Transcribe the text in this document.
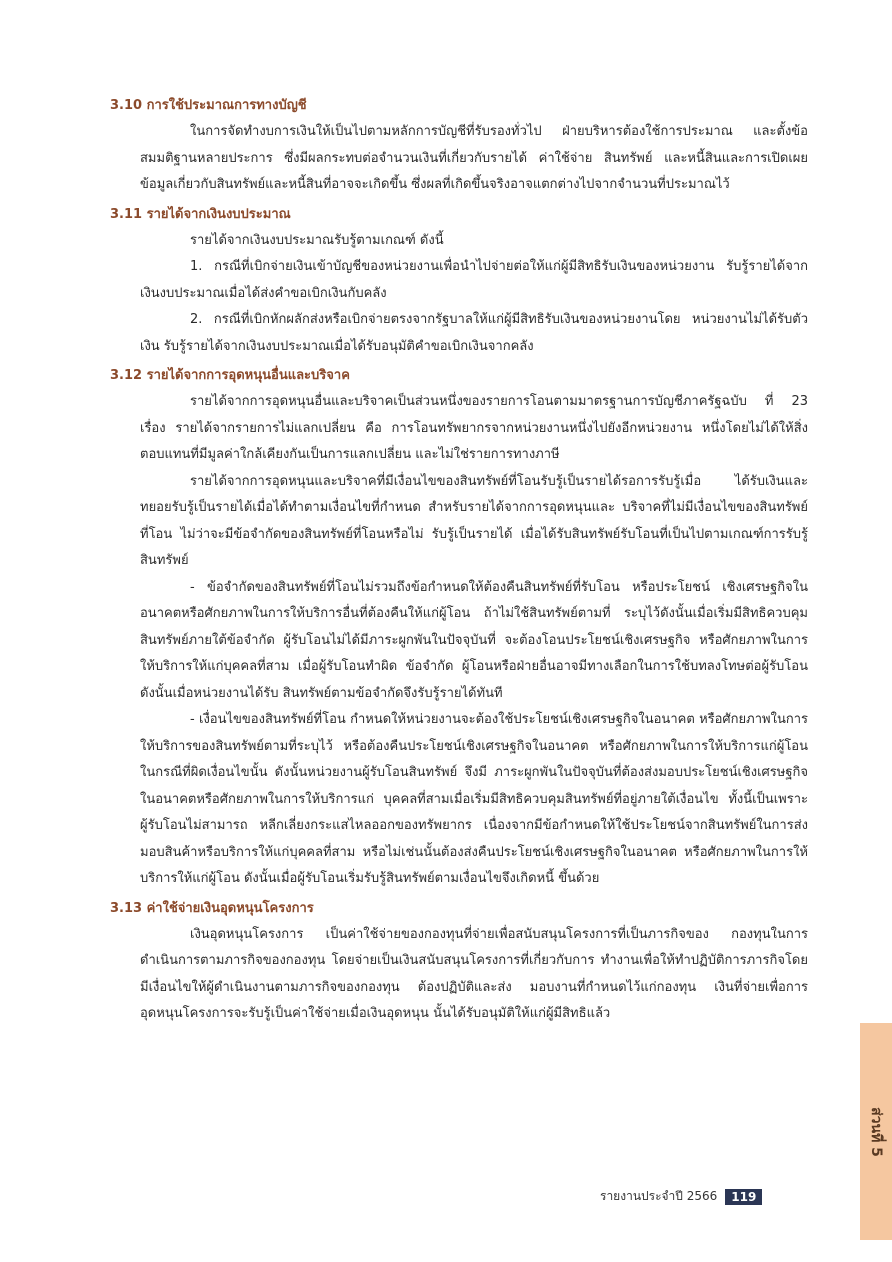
3.10 การใช้ประมาณการทางบัญชี

ในการจัดทำงบการเงินให้เป็นไปตามหลักการบัญชีที่รับรองทั่วไป ฝ่ายบริหารต้องใช้การประมาณ และตั้งข้อสมมติฐานหลายประการ ซึ่งมีผลกระทบต่อจำนวนเงินที่เกี่ยวกับรายได้ ค่าใช้จ่าย สินทรัพย์ และหนี้สินและการเปิดเผยข้อมูลเกี่ยวกับสินทรัพย์และหนี้สินที่อาจจะเกิดขึ้น ซึ่งผลที่เกิดขึ้นจริงอาจแตกต่างไปจากจำนวนที่ประมาณไว้

3.11 รายได้จากเงินงบประมาณ

รายได้จากเงินงบประมาณรับรู้ตามเกณฑ์ ดังนี้

1. กรณีที่เบิกจ่ายเงินเข้าบัญชีของหน่วยงานเพื่อนำไปจ่ายต่อให้แก่ผู้มีสิทธิรับเงินของหน่วยงาน รับรู้รายได้จากเงินงบประมาณเมื่อได้ส่งคำขอเบิกเงินกับคลัง

2. กรณีที่เบิกหักผลักส่งหรือเบิกจ่ายตรงจากรัฐบาลให้แก่ผู้มีสิทธิรับเงินของหน่วยงานโดย หน่วยงานไม่ได้รับตัวเงิน รับรู้รายได้จากเงินงบประมาณเมื่อได้รับอนุมัติคำขอเบิกเงินจากคลัง

3.12 รายได้จากการอุดหนุนอื่นและบริจาค

รายได้จากการอุดหนุนอื่นและบริจาคเป็นส่วนหนึ่งของรายการโอนตามมาตรฐานการบัญชีภาครัฐฉบับ ที่ 23 เรื่อง รายได้จากรายการไม่แลกเปลี่ยน คือ การโอนทรัพยากรจากหน่วยงานหนึ่งไปยังอีกหน่วยงาน หนึ่งโดยไม่ได้ให้สิ่งตอบแทนที่มีมูลค่าใกล้เคียงกันเป็นการแลกเปลี่ยน และไม่ใช่รายการทางภาษี

รายได้จากการอุดหนุนและบริจาคที่มีเงื่อนไขของสินทรัพย์ที่โอนรับรู้เป็นรายได้รอการรับรู้เมื่อ ได้รับเงินและทยอยรับรู้เป็นรายได้เมื่อได้ทำตามเงื่อนไขที่กำหนด สำหรับรายได้จากการอุดหนุนและ บริจาคที่ไม่มีเงื่อนไขของสินทรัพย์ที่โอน ไม่ว่าจะมีข้อจำกัดของสินทรัพย์ที่โอนหรือไม่ รับรู้เป็นรายได้ เมื่อได้รับสินทรัพย์รับโอนที่เป็นไปตามเกณฑ์การรับรู้สินทรัพย์

- ข้อจำกัดของสินทรัพย์ที่โอนไม่รวมถึงข้อกำหนดให้ต้องคืนสินทรัพย์ที่รับโอน หรือประโยชน์ เชิงเศรษฐกิจในอนาคตหรือศักยภาพในการให้บริการอื่นที่ต้องคืนให้แก่ผู้โอน ถ้าไม่ใช้สินทรัพย์ตามที่ ระบุไว้ดังนั้นเมื่อเริ่มมีสิทธิควบคุมสินทรัพย์ภายใต้ข้อจำกัด ผู้รับโอนไม่ได้มีภาระผูกพันในปัจจุบันที่ จะต้องโอนประโยชน์เชิงเศรษฐกิจ หรือศักยภาพในการให้บริการให้แก่บุคคลที่สาม เมื่อผู้รับโอนทำผิด ข้อจำกัด ผู้โอนหรือฝ่ายอื่นอาจมีทางเลือกในการใช้บทลงโทษต่อผู้รับโอน ดังนั้นเมื่อหน่วยงานได้รับ สินทรัพย์ตามข้อจำกัดจึงรับรู้รายได้ทันที

- เงื่อนไขของสินทรัพย์ที่โอน กำหนดให้หน่วยงานจะต้องใช้ประโยชน์เชิงเศรษฐกิจในอนาคต หรือศักยภาพในการให้บริการของสินทรัพย์ตามที่ระบุไว้ หรือต้องคืนประโยชน์เชิงเศรษฐกิจในอนาคต หรือศักยภาพในการให้บริการแก่ผู้โอนในกรณีที่ผิดเงื่อนไขนั้น ดังนั้นหน่วยงานผู้รับโอนสินทรัพย์ จึงมี ภาระผูกพันในปัจจุบันที่ต้องส่งมอบประโยชน์เชิงเศรษฐกิจในอนาคตหรือศักยภาพในการให้บริการแก่ บุคคลที่สามเมื่อเริ่มมีสิทธิควบคุมสินทรัพย์ที่อยู่ภายใต้เงื่อนไข ทั้งนี้เป็นเพราะผู้รับโอนไม่สามารถ หลีกเลี่ยงกระแสไหลออกของทรัพยากร เนื่องจากมีข้อกำหนดให้ใช้ประโยชน์จากสินทรัพย์ในการส่ง มอบสินค้าหรือบริการให้แก่บุคคลที่สาม หรือไม่เช่นนั้นต้องส่งคืนประโยชน์เชิงเศรษฐกิจในอนาคต หรือศักยภาพในการให้บริการให้แก่ผู้โอน ดังนั้นเมื่อผู้รับโอนเริ่มรับรู้สินทรัพย์ตามเงื่อนไขจึงเกิดหนี้ ขึ้นด้วย

3.13 ค่าใช้จ่ายเงินอุดหนุนโครงการ

เงินอุดหนุนโครงการ เป็นค่าใช้จ่ายของกองทุนที่จ่ายเพื่อสนับสนุนโครงการที่เป็นภารกิจของ กองทุนในการดำเนินการตามภารกิจของกองทุน โดยจ่ายเป็นเงินสนับสนุนโครงการที่เกี่ยวกับการ ทำงานเพื่อให้ทำปฏิบัติการภารกิจโดยมีเงื่อนไขให้ผู้ดำเนินงานตามภารกิจของกองทุน ต้องปฏิบัติและส่ง มอบงานที่กำหนดไว้แก่กองทุน เงินที่จ่ายเพื่อการอุดหนุนโครงการจะรับรู้เป็นค่าใช้จ่ายเมื่อเงินอุดหนุน นั้นได้รับอนุมัติให้แก่ผู้มีสิทธิแล้ว

ส่วนที่ 5
รายงานประจำปี 2566	119
